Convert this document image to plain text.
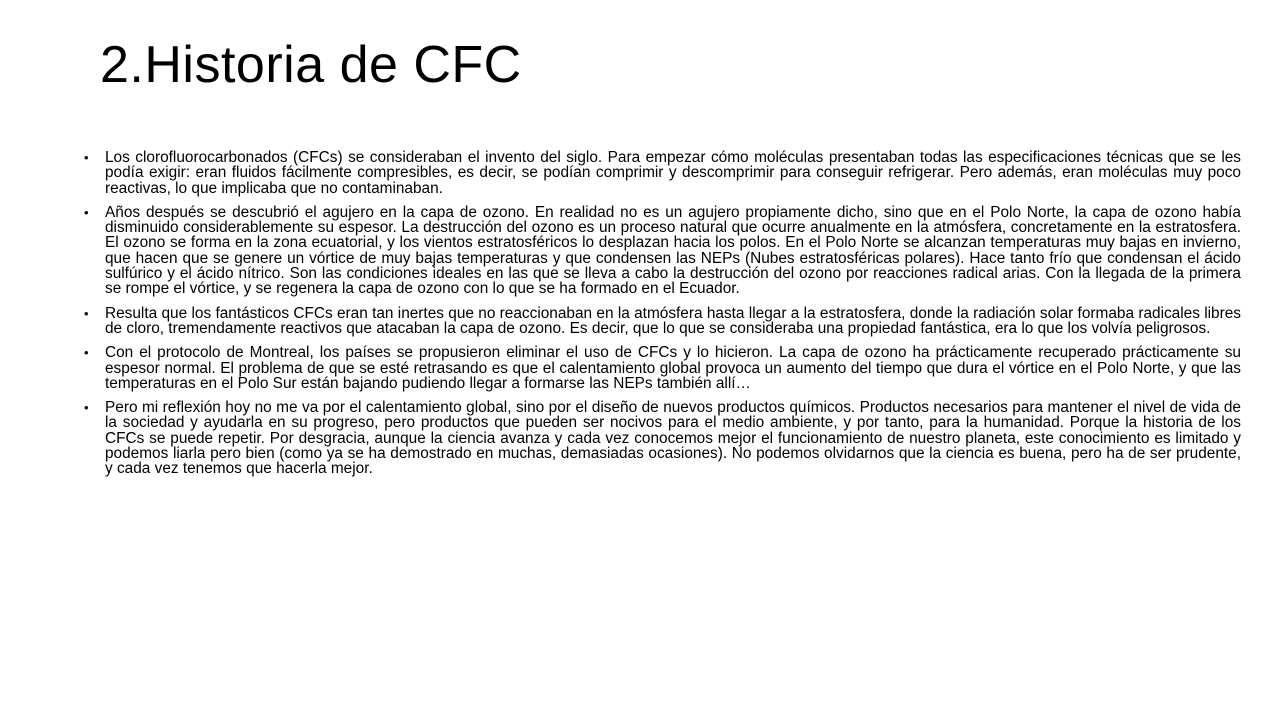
2.Historia de CFC
• Los clorofluorocarbonados (CFCs) se consideraban el invento del siglo. Para empezar cómo moléculas presentaban todas las especificaciones técnicas que se les podía exigir: eran fluidos fácilmente compresibles, es decir, se podían comprimir y descomprimir para conseguir refrigerar. Pero además, eran moléculas muy poco reactivas, lo que implicaba que no contaminaban.
• Años después se descubrió el agujero en la capa de ozono. En realidad no es un agujero propiamente dicho, sino que en el Polo Norte, la capa de ozono había disminuido considerablemente su espesor. La destrucción del ozono es un proceso natural que ocurre anualmente en la atmósfera, concretamente en la estratosfera. El ozono se forma en la zona ecuatorial, y los vientos estratosféricos lo desplazan hacia los polos. En el Polo Norte se alcanzan temperaturas muy bajas en invierno, que hacen que se genere un vórtice de muy bajas temperaturas y que condensen las NEPs (Nubes estratosféricas polares). Hace tanto frío que condensan el ácido sulfúrico y el ácido nítrico. Son las condiciones ideales en las que se lleva a cabo la destrucción del ozono por reacciones radical arias. Con la llegada de la primera se rompe el vórtice, y se regenera la capa de ozono con lo que se ha formado en el Ecuador.
• Resulta que los fantásticos CFCs eran tan inertes que no reaccionaban en la atmósfera hasta llegar a la estratosfera, donde la radiación solar formaba radicales libres de cloro, tremendamente reactivos que atacaban la capa de ozono. Es decir, que lo que se consideraba una propiedad fantástica, era lo que los volvía peligrosos.
• Con el protocolo de Montreal, los países se propusieron eliminar el uso de CFCs y lo hicieron. La capa de ozono ha prácticamente recuperado prácticamente su espesor normal. El problema de que se esté retrasando es que el calentamiento global provoca un aumento del tiempo que dura el vórtice en el Polo Norte, y que las temperaturas en el Polo Sur están bajando pudiendo llegar a formarse las NEPs también allí…
• Pero mi reflexión hoy no me va por el calentamiento global, sino por el diseño de nuevos productos químicos. Productos necesarios para mantener el nivel de vida de la sociedad y ayudarla en su progreso, pero productos que pueden ser nocivos para el medio ambiente, y por tanto, para la humanidad. Porque la historia de los CFCs se puede repetir. Por desgracia, aunque la ciencia avanza y cada vez conocemos mejor el funcionamiento de nuestro planeta, este conocimiento es limitado y podemos liarla pero bien (como ya se ha demostrado en muchas, demasiadas ocasiones). No podemos olvidarnos que la ciencia es buena, pero ha de ser prudente, y cada vez tenemos que hacerla mejor.
